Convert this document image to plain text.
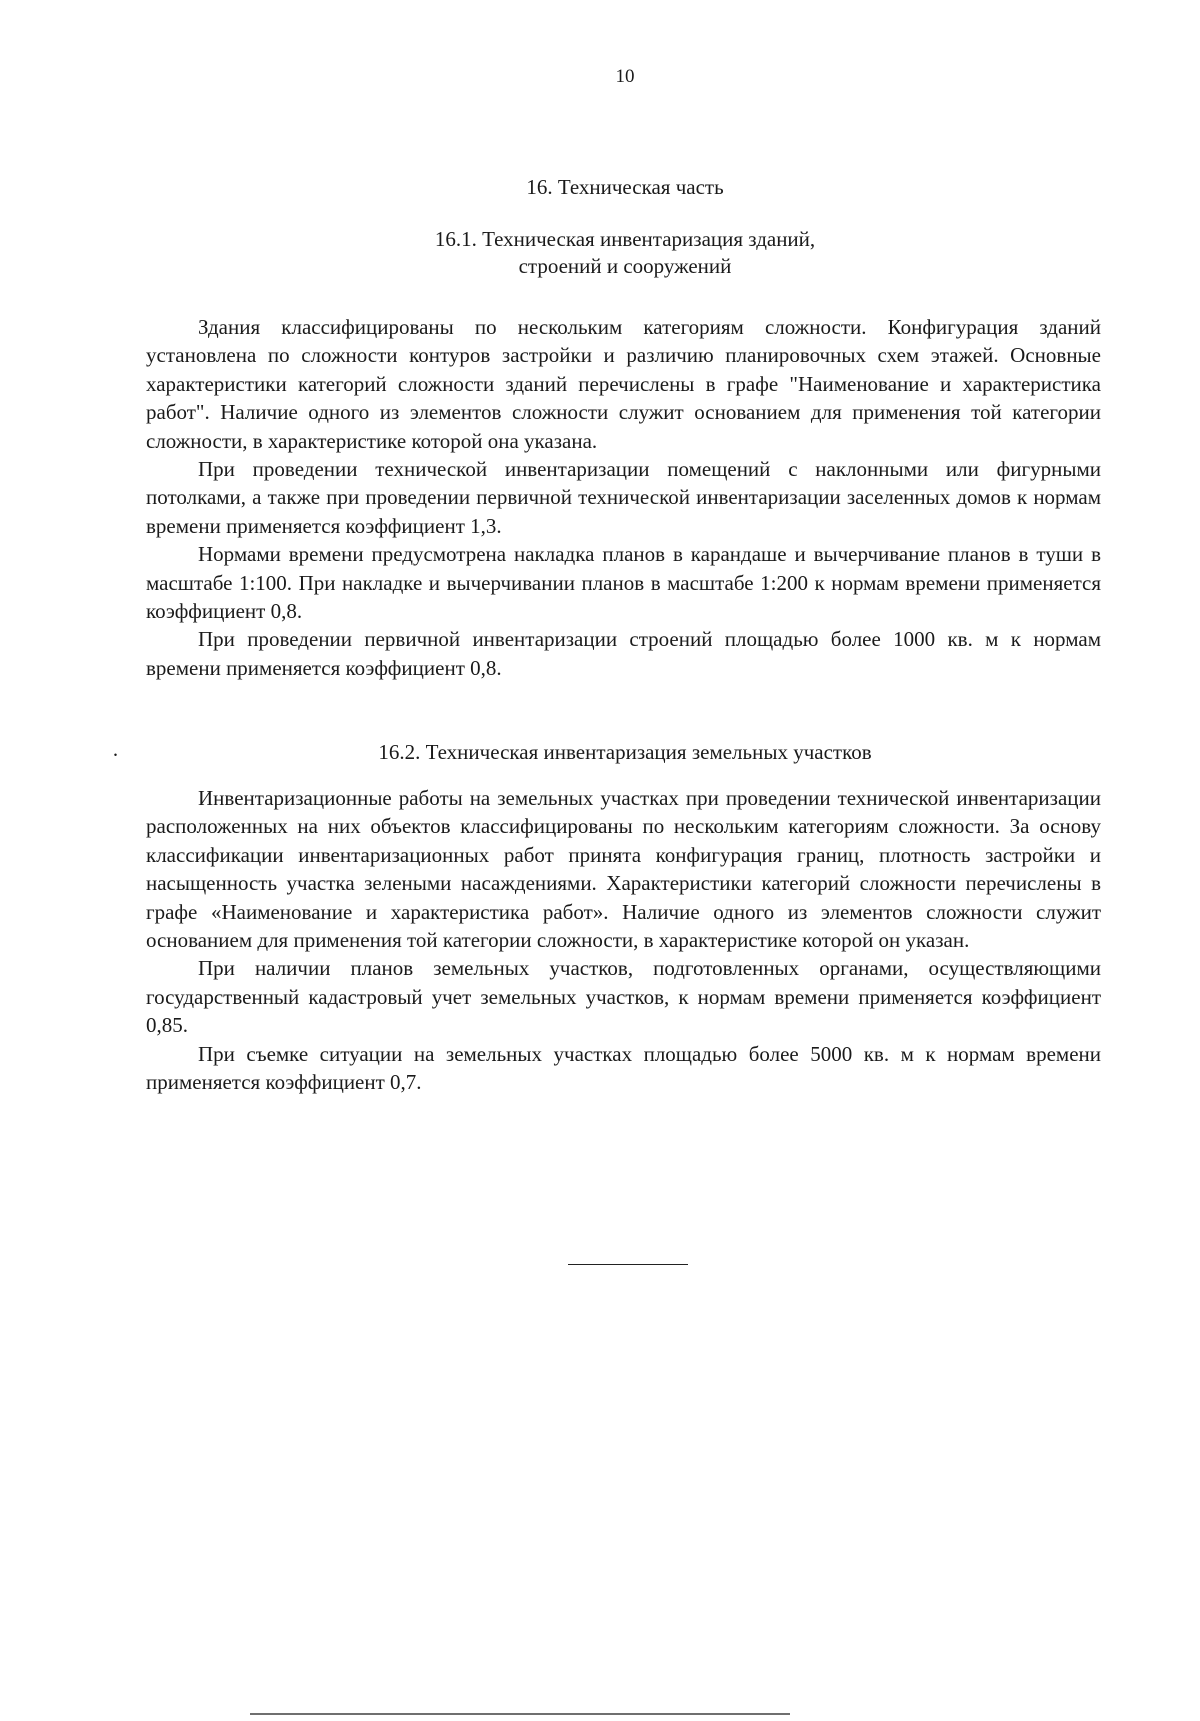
10
16. Техническая часть
16.1. Техническая инвентаризация зданий,
строений и сооружений

Здания классифицированы по нескольким категориям сложности. Конфигурация зданий установлена по сложности контуров застройки и различию планировочных схем этажей. Основные характеристики категорий сложности зданий перечислены в графе "Наименование и характеристика работ". Наличие одного из элементов сложности служит основанием для применения той категории сложности, в характеристике которой она указана.

При проведении технической инвентаризации помещений с наклонными или фигурными потолками, а также при проведении первичной технической инвентаризации заселенных домов к нормам времени применяется коэффициент 1,3.

Нормами времени предусмотрена накладка планов в карандаше и вычерчивание планов в туши в масштабе 1:100. При накладке и вычерчивании планов в масштабе 1:200 к нормам времени применяется коэффициент 0,8.

При проведении первичной инвентаризации строений площадью более 1000 кв. м к нормам времени применяется коэффициент 0,8.

·	16.2. Техническая инвентаризация земельных участков

Инвентаризационные работы на земельных участках при проведении технической инвентаризации расположенных на них объектов классифицированы по нескольким категориям сложности. За основу классификации инвентаризационных работ принята конфигурация границ, плотность застройки и насыщенность участка зелеными насаждениями. Характеристики категорий сложности перечислены в графе «Наименование и характеристика работ». Наличие одного из элементов сложности служит основанием для применения той категории сложности, в характеристике которой он указан.

При наличии планов земельных участков, подготовленных органами, осуществляющими государственный кадастровый учет земельных участков, к нормам времени применяется коэффициент 0,85.

При съемке ситуации на земельных участках площадью более 5000 кв. м к нормам времени применяется коэффициент 0,7.
